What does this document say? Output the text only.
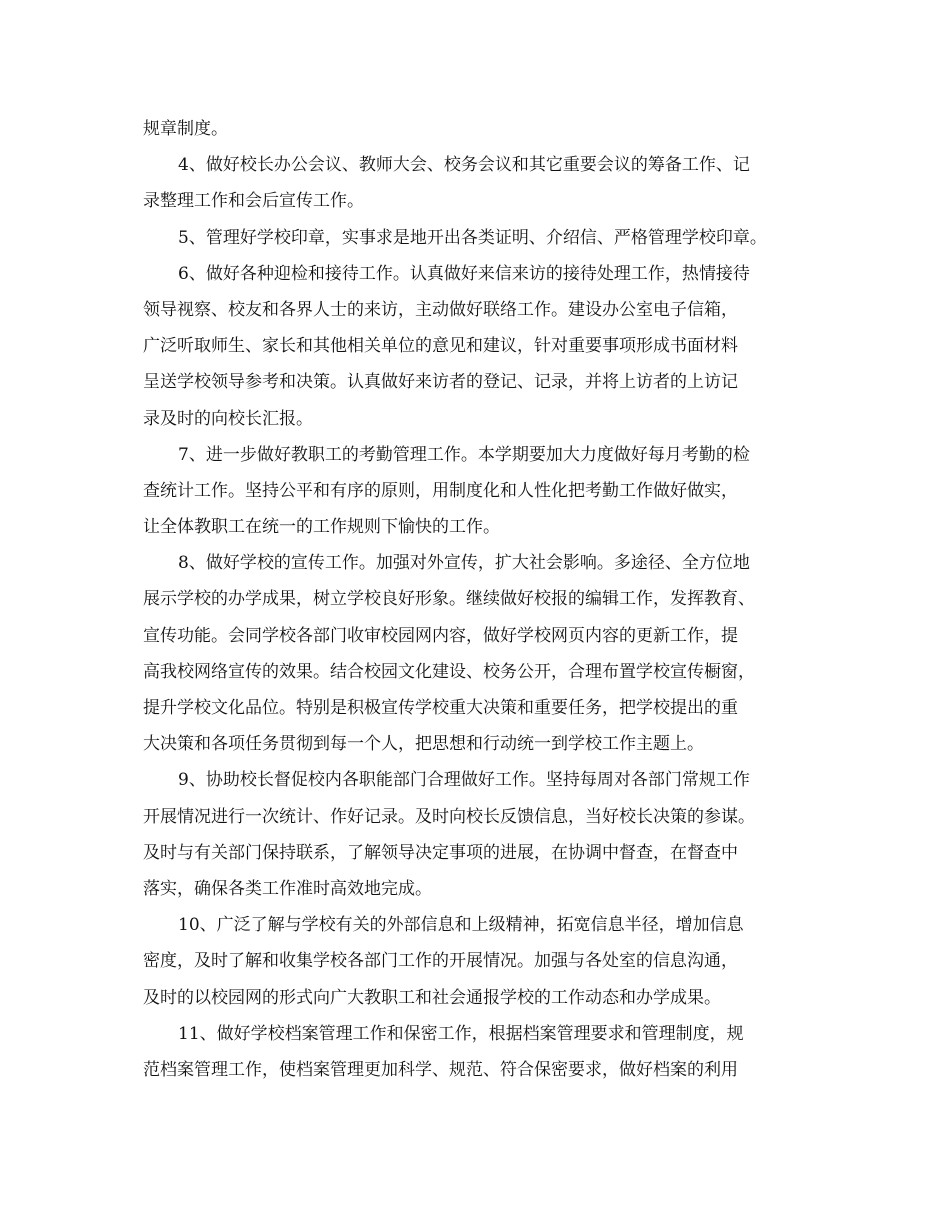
规章制度。
4、做好校长办公会议、教师大会、校务会议和其它重要会议的筹备工作、记
录整理工作和会后宣传工作。
5、管理好学校印章，实事求是地开出各类证明、介绍信、严格管理学校印章。
6、做好各种迎检和接待工作。认真做好来信来访的接待处理工作，热情接待
领导视察、校友和各界人士的来访，主动做好联络工作。建设办公室电子信箱，
广泛听取师生、家长和其他相关单位的意见和建议，针对重要事项形成书面材料
呈送学校领导参考和决策。认真做好来访者的登记、记录，并将上访者的上访记
录及时的向校长汇报。
7、进一步做好教职工的考勤管理工作。本学期要加大力度做好每月考勤的检
查统计工作。坚持公平和有序的原则，用制度化和人性化把考勤工作做好做实，
让全体教职工在统一的工作规则下愉快的工作。
8、做好学校的宣传工作。加强对外宣传，扩大社会影响。多途径、全方位地
展示学校的办学成果，树立学校良好形象。继续做好校报的编辑工作，发挥教育、
宣传功能。会同学校各部门收审校园网内容，做好学校网页内容的更新工作，提
高我校网络宣传的效果。结合校园文化建设、校务公开，合理布置学校宣传橱窗，
提升学校文化品位。特别是积极宣传学校重大决策和重要任务，把学校提出的重
大决策和各项任务贯彻到每一个人，把思想和行动统一到学校工作主题上。
9、协助校长督促校内各职能部门合理做好工作。坚持每周对各部门常规工作
开展情况进行一次统计、作好记录。及时向校长反馈信息，当好校长决策的参谋。
及时与有关部门保持联系，了解领导决定事项的进展，在协调中督查，在督查中
落实，确保各类工作准时高效地完成。
10、广泛了解与学校有关的外部信息和上级精神，拓宽信息半径，增加信息
密度，及时了解和收集学校各部门工作的开展情况。加强与各处室的信息沟通，
及时的以校园网的形式向广大教职工和社会通报学校的工作动态和办学成果。
11、做好学校档案管理工作和保密工作，根据档案管理要求和管理制度，规
范档案管理工作，使档案管理更加科学、规范、符合保密要求，做好档案的利用
